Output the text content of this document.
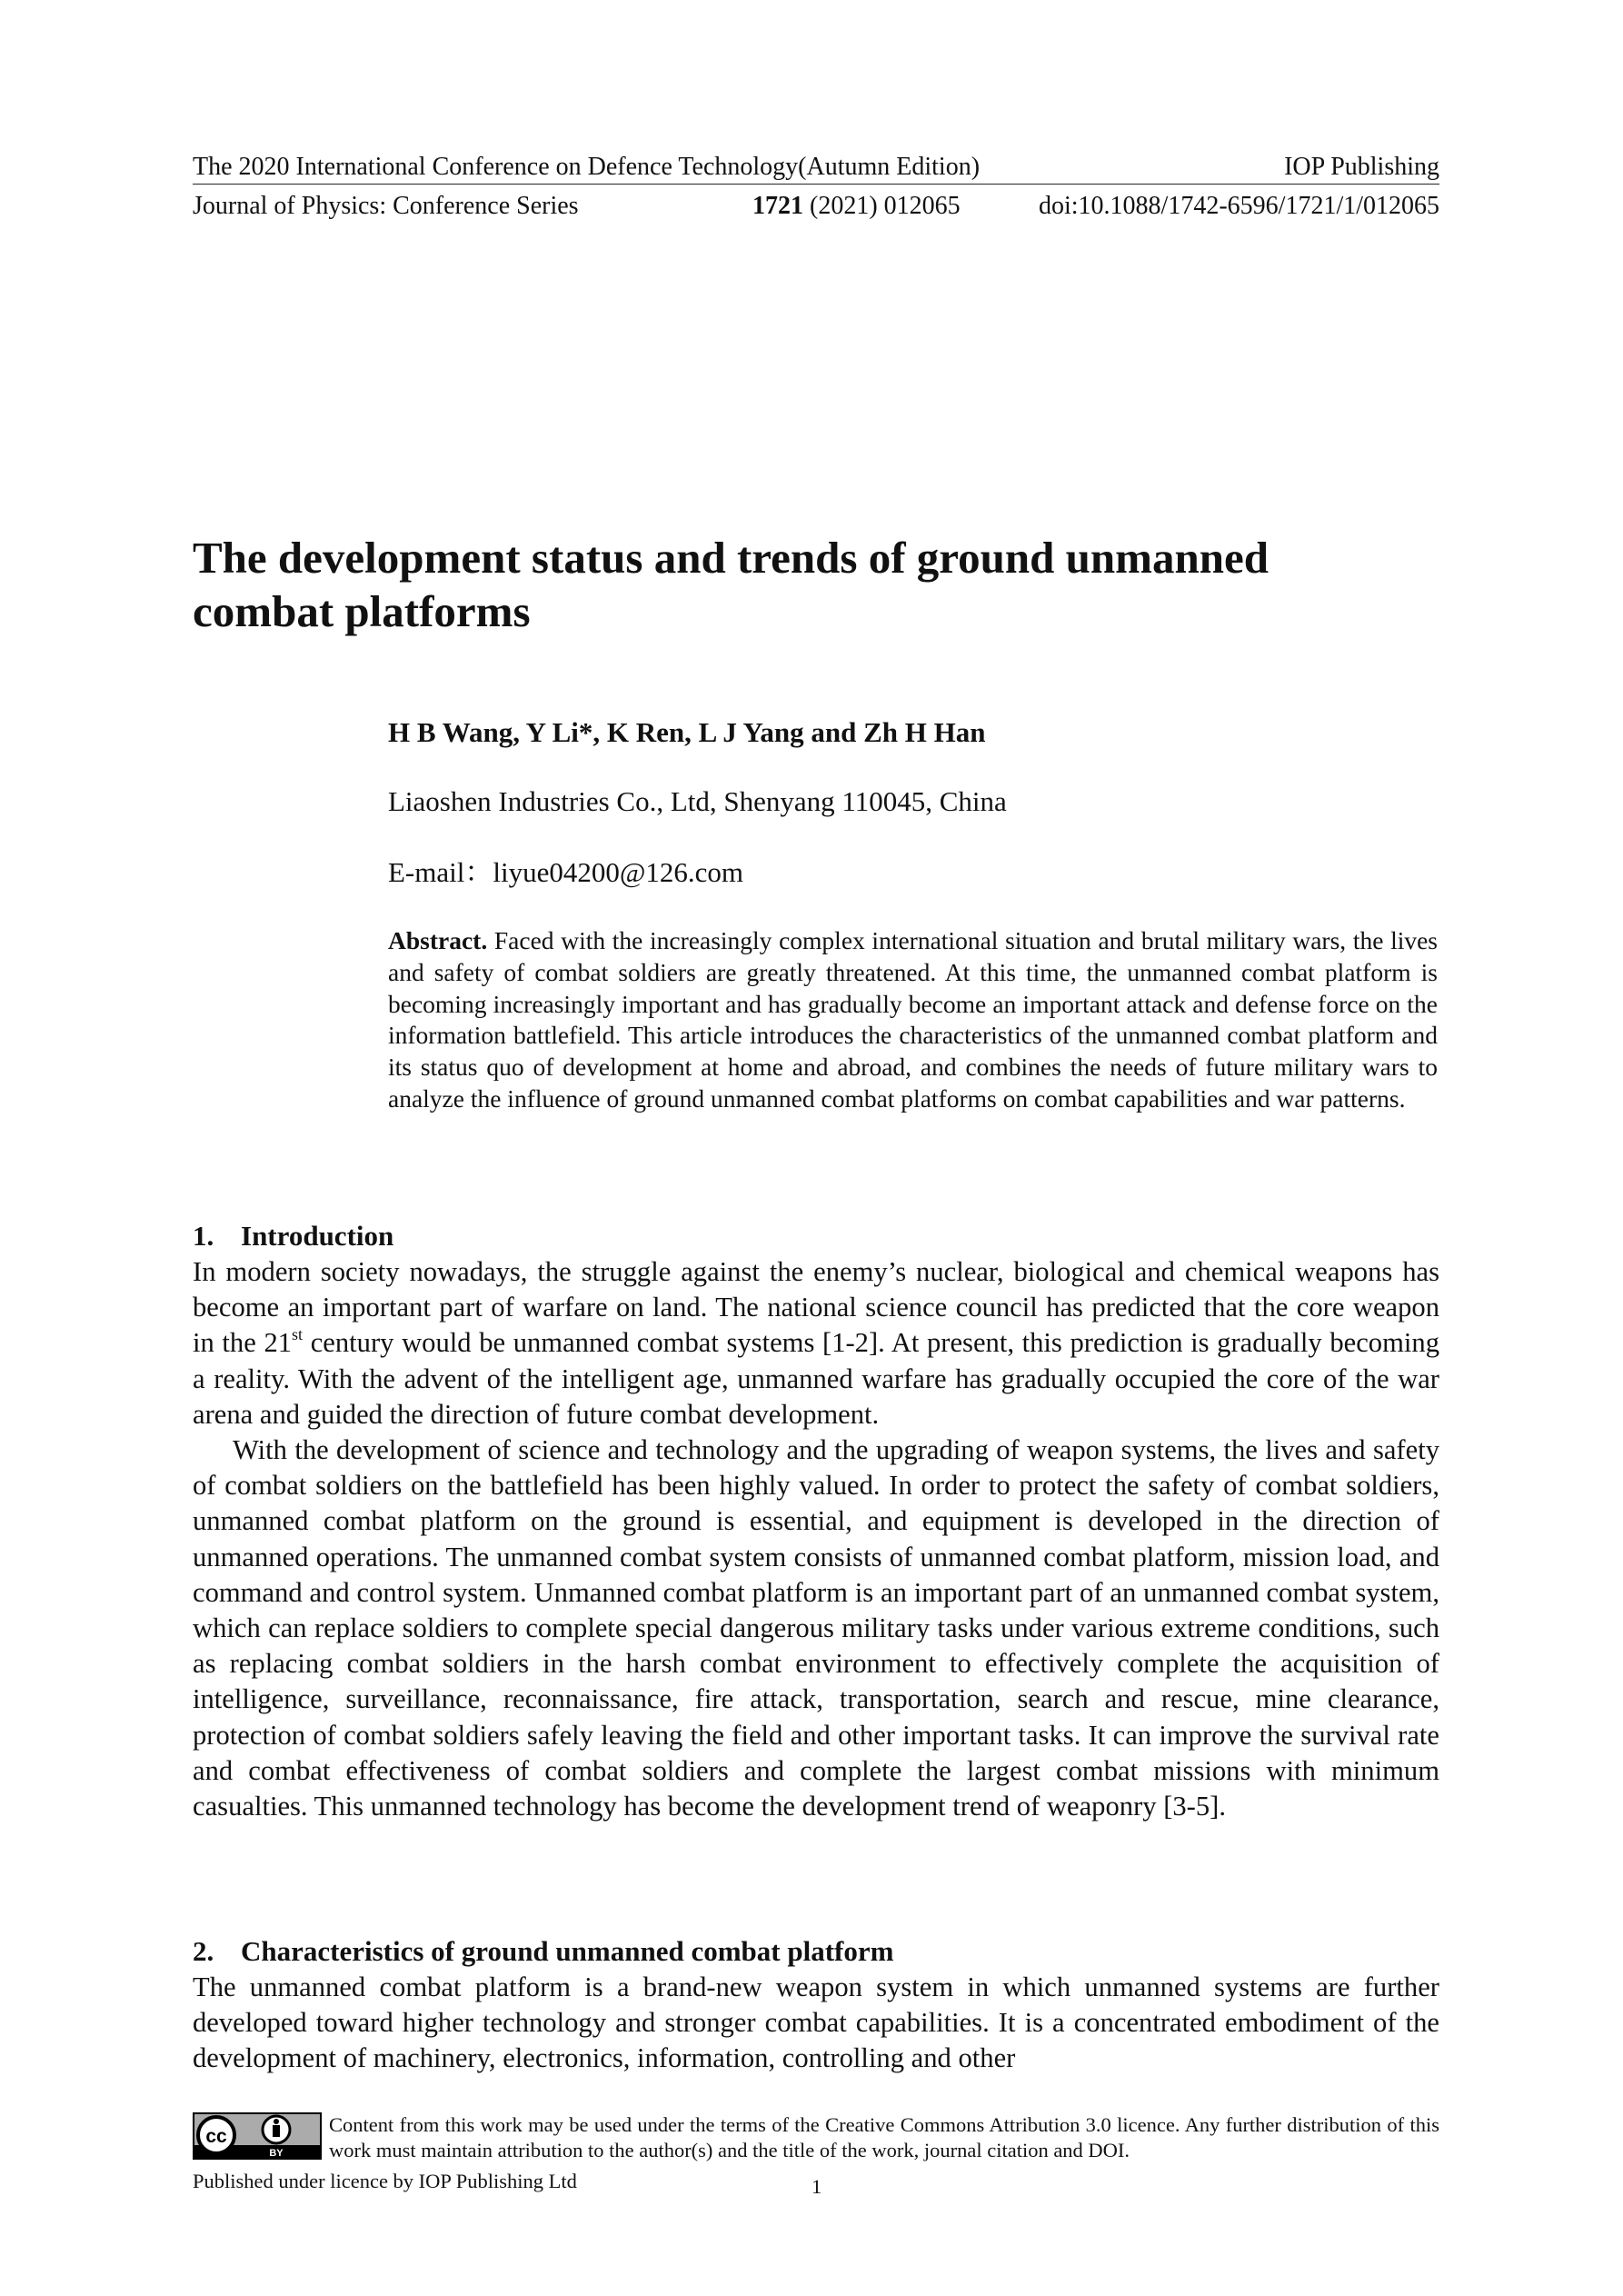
The 2020 International Conference on Defence Technology(Autumn Edition)	IOP Publishing
Journal of Physics: Conference Series	1721 (2021) 012065	doi:10.1088/1742-6596/1721/1/012065
The development status and trends of ground unmanned combat platforms
H B Wang, Y Li*, K Ren, L J Yang and Zh H Han
Liaoshen Industries Co., Ltd, Shenyang 110045, China
E-mail：liyue04200@126.com
Abstract. Faced with the increasingly complex international situation and brutal military wars, the lives and safety of combat soldiers are greatly threatened. At this time, the unmanned combat platform is becoming increasingly important and has gradually become an important attack and defense force on the information battlefield. This article introduces the characteristics of the unmanned combat platform and its status quo of development at home and abroad, and combines the needs of future military wars to analyze the influence of ground unmanned combat platforms on combat capabilities and war patterns.
1. Introduction

In modern society nowadays, the struggle against the enemy’s nuclear, biological and chemical weapons has become an important part of warfare on land. The national science council has predicted that the core weapon in the 21st century would be unmanned combat systems [1-2]. At present, this prediction is gradually becoming a reality. With the advent of the intelligent age, unmanned warfare has gradually occupied the core of the war arena and guided the direction of future combat development.

With the development of science and technology and the upgrading of weapon systems, the lives and safety of combat soldiers on the battlefield has been highly valued. In order to protect the safety of combat soldiers, unmanned combat platform on the ground is essential, and equipment is developed in the direction of unmanned operations. The unmanned combat system consists of unmanned combat platform, mission load, and command and control system. Unmanned combat platform is an important part of an unmanned combat system, which can replace soldiers to complete special dangerous military tasks under various extreme conditions, such as replacing combat soldiers in the harsh combat environment to effectively complete the acquisition of intelligence, surveillance, reconnaissance, fire attack, transportation, search and rescue, mine clearance, protection of combat soldiers safely leaving the field and other important tasks. It can improve the survival rate and combat effectiveness of combat soldiers and complete the largest combat missions with minimum casualties. This unmanned technology has become the development trend of weaponry [3-5].

2. Characteristics of ground unmanned combat platform

The unmanned combat platform is a brand-new weapon system in which unmanned systems are further developed toward higher technology and stronger combat capabilities. It is a concentrated embodiment of the development of machinery, electronics, information, controlling and other

cc
BY
Content from this work may be used under the terms of the Creative Commons Attribution 3.0 licence. Any further distribution of this work must maintain attribution to the author(s) and the title of the work, journal citation and DOI.
Published under licence by IOP Publishing Ltd	1
